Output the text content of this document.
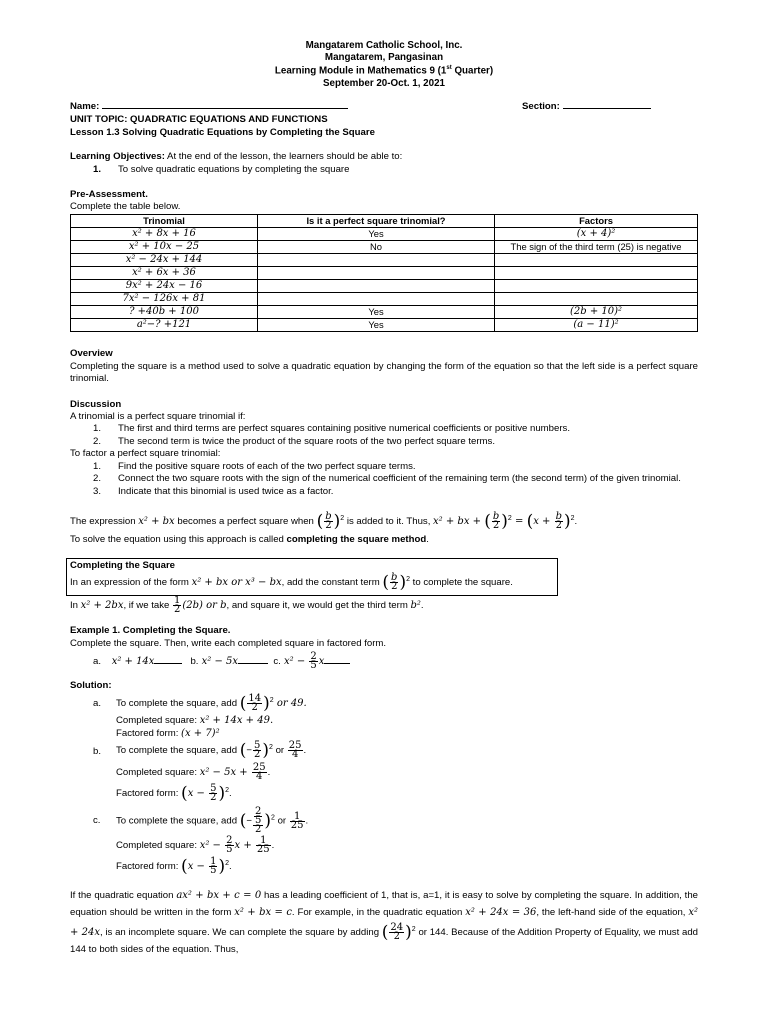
Mangatarem Catholic School, Inc.
Mangatarem, Pangasinan
Learning Module in Mathematics 9 (1st Quarter)
September 20-Oct. 1, 2021
Name:	Section:
UNIT TOPIC: QUADRATIC EQUATIONS AND FUNCTIONS
Lesson 1.3 Solving Quadratic Equations by Completing the Square
Learning Objectives: At the end of the lesson, the learners should be able to:
1. To solve quadratic equations by completing the square
Pre-Assessment.
Complete the table below.
Trinomial	Is it a perfect square trinomial?	Factors
x² + 8x + 16	Yes	(x + 4)²
x² + 10x − 25	No	The sign of the third term (25) is negative
x² − 24x + 144		
x² + 6x + 36		
9x² + 24x − 16		
7x² − 126x + 81		
? +40b + 100	Yes	(2b + 10)²
a²−? +121	Yes	(a − 11)²
Overview
Completing the square is a method used to solve a quadratic equation by changing the form of the equation so that the left side is a perfect square trinomial.
Discussion
A trinomial is a perfect square trinomial if:
1. The first and third terms are perfect squares containing positive numerical coefficients or positive numbers.
2. The second term is twice the product of the square roots of the two perfect square terms.
To factor a perfect square trinomial:
1. Find the positive square roots of each of the two perfect square terms.
2. Connect the two square roots with the sign of the numerical coefficient of the remaining term (the second term) of the given trinomial.
3. Indicate that this binomial is used twice as a factor.
The expression x² + bx becomes a perfect square when ( $\frac{b}{2} )^2$ is added to it. Thus, x² + bx + ( $\frac{b}{2} )^2 = (x + \frac{b}{2} )^2$.
To solve the equation using this approach is called completing the square method.
Completing the Square
In an expression of the form x² + bx or x³ − bx, add the constant term ( $\frac{b}{2} )^2$ to complete the square.
In x² + 2bx, if we take $\frac{1}{2} (2b)$ or b, and square it, we would get the third term b².
Example 1. Completing the Square.
Complete the square. Then, write each completed square in factored form.
a. x² + 14x	b. x² − 5x	c. $x^2 - \frac{2}{5}$ x
Solution:
a. To complete the square, add ( $\frac{14}{2} )^2$ or 49.
Completed square: x² + 14x + 49.
Factored form: (x + 7)²
b. To complete the square, add (− $\frac{5}{2} )^2$ or $\frac{25}{4}$ .
Completed square: $x^2 - 5x + \frac{25}{4}$ .
Factored form: $(x - \frac{5}{2} )^2$.
c. To complete the square, add (− $\frac{\frac{2}{5}}{2} )^2$ or $\frac{1}{25}$ .
Completed square: $x^2 - \frac{2}{5}$ $x + \frac{1}{25}$ .
Factored form: $(x - \frac{1}{5} )^2$.
If the quadratic equation ax² + bx + c = 0 has a leading coefficient of 1, that is, a=1, it is easy to solve by completing the square. In addition, the equation should be written in the form x² + bx = c. For example, in the quadratic equation x² + 24x = 36, the left-hand side of the equation, x² + 24x, is an incomplete square. We can complete the square by adding ( $\frac{24}{2} )^2$ or 144. Because of the Addition Property of Equality, we must add 144 to both sides of the equation. Thus,
